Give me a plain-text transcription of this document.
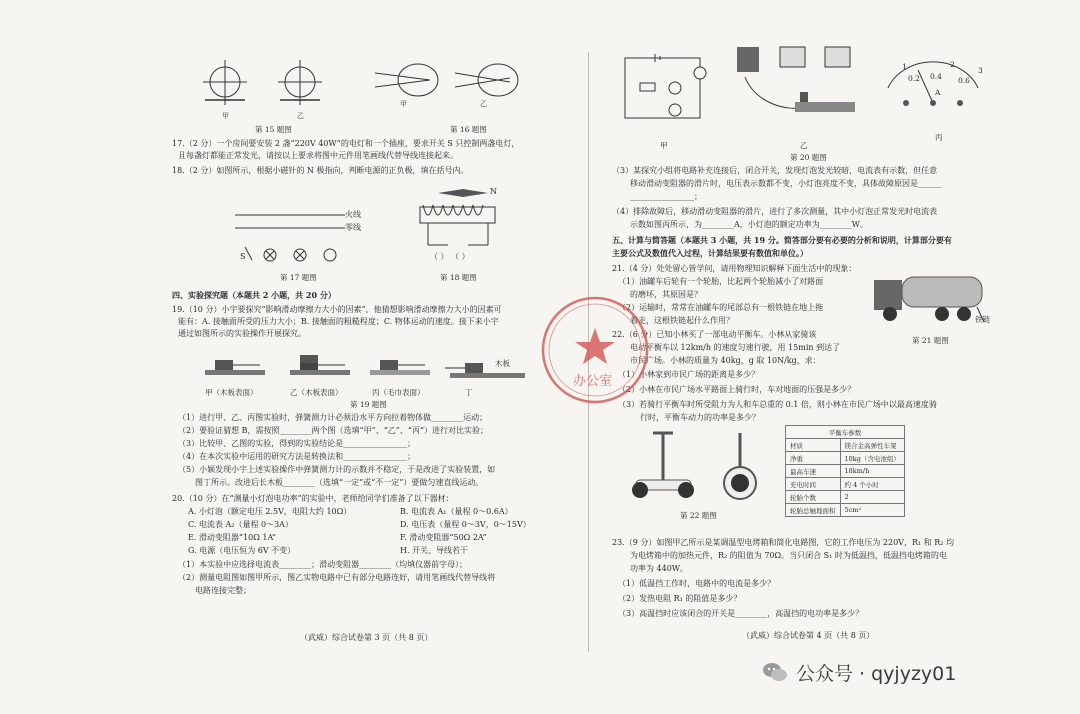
甲	乙
第 15 题图
甲	乙
第 16 题图
17.（2 分）一个房间要安装 2 盏“220V 40W”的电灯和一个插座，要求开关 S 只控制两盏电灯，
且每盏灯都能正常发光，请按以上要求将图中元件用笔画线代替导线连接起来。
18.（2 分）如图所示，根据小磁针的 N 极指向，判断电源的正负极，填在括号内。
火线
零线
S
第 17 题图
N
（ ） （ ）
第 18 题图
四、实验探究题（本题共 2 小题，共 20 分）
19.（10 分）小宇要探究“影响滑动摩擦力大小的因素”，他猜想影响滑动摩擦力大小的因素可
能有：A. 接触面所受的压力大小；B. 接触面的粗糙程度；C. 物体运动的速度。接下来小宇
通过如图所示的实验操作开展探究。
甲（木板表面）	乙（木板表面）	丙（毛巾表面）	丁
木板
第 19 题图
（1）进行甲、乙、丙图实验时，弹簧测力计必须沿水平方向拉着物体做________运动；
（2）要验证猜想 B，需按照________两个图（选填“甲”、“乙”、“丙”）进行对比实验；
（3）比较甲、乙图的实验，得到的实验结论是________________；
（4）在本次实验中运用的研究方法是转换法和________________；
（5）小颖发现小宇上述实验操作中弹簧测力计的示数并不稳定，于是改进了实验装置，如
图丁所示。改进后长木板________（选填“一定”或“不一定”）要做匀速直线运动。
20.（10 分）在“测量小灯泡电功率”的实验中，老师给同学们准备了以下器材：
A. 小灯泡（额定电压 2.5V，电阻大约 10Ω）	B. 电流表 A₁（量程 0～0.6A）
C. 电流表 A₂（量程 0～3A）	D. 电压表（量程 0～3V，0～15V）
E. 滑动变阻器“10Ω 1A”	F. 滑动变阻器“50Ω 2A”
G. 电源（电压恒为 6V 不变）	H. 开关、导线若干
（1）本实验中应选择电流表________；滑动变阻器________（均填仪器前字母）；
（2）测量电阻图如图甲所示，图乙实物电路中已有部分电路连好，请用笔画线代替导线将
电路连接完整；
（武威）综合试卷第 3 页（共 8 页）
甲	乙
1	2
0.2 0.4 0.6
3
A
丙
第 20 题图
（3）某探究小组将电路补充连接后，闭合开关，发现灯泡发光较暗，电流表有示数，但任意
移动滑动变阻器的滑片时，电压表示数都不变，小灯泡亮度不变，具体故障原因是______
________________；
（4）排除故障后，移动滑动变阻器的滑片，进行了多次测量，其中小灯泡正常发光时电流表
示数如图丙所示，为________A，小灯泡的额定功率为________W。
五、计算与简答题（本题共 3 小题，共 19 分。简答部分要有必要的分析和说明，计算部分要有
主要公式及数值代入过程，计算结果要有数值和单位。）
21.（4 分）处处留心皆学问，请用物理知识解释下面生活中的现象：
（1）油罐车后轮有一个轮胎，比起两个轮胎减小了对路面
的磨坏，其原因是？
（2）运输时，常常在油罐车的尾部总有一根铁链在地上拖
着走，这根铁链起什么作用？	铁链
第 21 题图
22.（6 分）已知小林买了一部电动平衡车。小林从家骑该
电动平衡车以 12km/h 的速度匀速行驶，用 15min 到达了
市民广场。小林的质量为 40kg，g 取 10N/kg，求：
（1）小林家到市民广场的距离是多少？
（2）小林在市民广场水平路面上骑行时，车对地面的压强是多少？
（3）若骑行平衡车时所受阻力为人和车总重的 0.1 倍，则小林在市民广场中以最高速度骑
行时，平衡车动力的功率是多少？
第 22 题图
平衡车参数	
材质	镁合金高弹性车架
净重	10kg（含电池组）
最高车速	18km/h
充电时间	约 4 个小时
轮胎个数	2
轮胎总触地面积	5cm²
23.（9 分）如图甲乙所示是某调温型电烤箱和简化电路图，它的工作电压为 220V，R₁ 和 R₂ 均
为电烤箱中的加热元件，R₂ 的阻值为 70Ω。当只闭合 S₁ 时为低温挡，低温挡电烤箱的电
功率为 440W。
（1）低温挡工作时，电路中的电流是多少？
（2）发热电阻 R₁ 的阻值是多少？
（3）高温挡时应该闭合的开关是________，高温挡的电功率是多少？
（武威）综合试卷第 4 页（共 8 页）
办公室
公众号 · qyjyzy01
